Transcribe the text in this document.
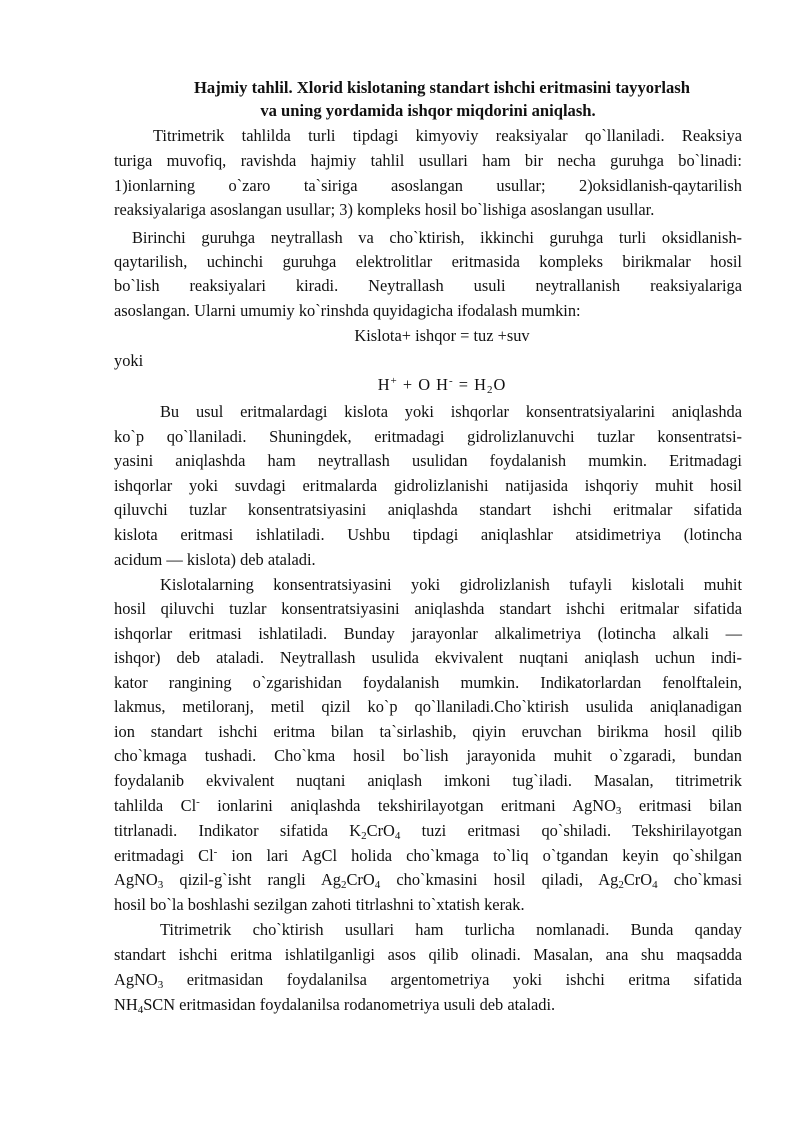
Hajmiy tahlil. Xlorid kislotaning standart ishchi eritmasini tayyorlash
va uning yordamida ishqor miqdorini aniqlash.
Titrimetrik tahlilda turli tipdagi kimyoviy reaksiyalar qo`llaniladi. Reaksiya
turiga muvofiq, ravishda hajmiy tahlil usullari ham bir necha guruhga bo`linadi:
1)ionlarning o`zaro ta`siriga asoslangan usullar; 2)oksidlanish-qaytarilish
reaksiyalariga asoslangan usullar; 3) kompleks hosil bo`lishiga asoslangan usullar.
Birinchi guruhga neytrallash va cho`ktirish, ikkinchi guruhga turli oksidlanish-
qaytarilish, uchinchi guruhga elektrolitlar eritmasida kompleks birikmalar hosil
bo`lish reaksiyalari kiradi. Neytrallash usuli neytrallanish reaksiyalariga
asoslangan. Ularni umumiy ko`rinshda quyidagicha ifodalash mumkin:
Kislota+ ishqor = tuz +suv
yoki
H+ + O $H^- = H_2O$
Bu usul eritmalardagi kislota yoki ishqorlar konsentratsiyalarini aniqlashda
ko`p qo`llaniladi. Shuningdek, eritmadagi gidrolizlanuvchi tuzlar konsentratsi-
yasini aniqlashda ham neytrallash usulidan foydalanish mumkin. Eritmadagi
ishqorlar yoki suvdagi eritmalarda gidrolizlanishi natijasida ishqoriy muhit hosil
qiluvchi tuzlar konsentratsiyasini aniqlashda standart ishchi eritmalar sifatida
kislota eritmasi ishlatiladi. Ushbu tipdagi aniqlashlar atsidimetriya (lotincha
acidum — kislota) deb ataladi.
Kislotalarning konsentratsiyasini yoki gidrolizlanish tufayli kislotali muhit
hosil qiluvchi tuzlar konsentratsiyasini aniqlashda standart ishchi eritmalar sifatida
ishqorlar eritmasi ishlatiladi. Bunday jarayonlar alkalimetriya (lotincha alkali —
ishqor) deb ataladi. Neytrallash usulida ekvivalent nuqtani aniqlash uchun indi-
kator rangining o`zgarishidan foydalanish mumkin. Indikatorlardan fenolftalein,
lakmus, metiloranj, metil qizil ko`p qo`llaniladi.Cho`ktirish usulida aniqlanadigan
ion standart ishchi eritma bilan ta`sirlashib, qiyin eruvchan birikma hosil qilib
cho`kmaga tushadi. Cho`kma hosil bo`lish jarayonida muhit o`zgaradi, bundan
foydalanib ekvivalent nuqtani aniqlash imkoni tug`iladi. Masalan, titrimetrik
tahlilda Cl- ionlarini aniqlashda tekshirilayotgan eritmani AgNO$_3$ eritmasi bilan
titrlanadi. Indikator sifatida $K_2CrO_4$ tuzi eritmasi qo`shiladi. Tekshirilayotgan
eritmadagi Cl- ion lari AgCl holida cho`kmaga to`liq o`tgandan keyin qo`shilgan
AgNO$_3$ qizil-g`isht rangli $Ag_2CrO_4$ cho`kmasini hosil qiladi, $Ag_2CrO_4$ cho`kmasi
hosil bo`la boshlashi sezilgan zahoti titrlashni to`xtatish kerak.
Titrimetrik cho`ktirish usullari ham turlicha nomlanadi. Bunda qanday
standart ishchi eritma ishlatilganligi asos qilib olinadi. Masalan, ana shu maqsadda
AgNO$_3$ eritmasidan foydalanilsa argentometriya yoki ishchi eritma sifatida
$NH_4SCN$ eritmasidan foydalanilsa rodanometriya usuli deb ataladi.
